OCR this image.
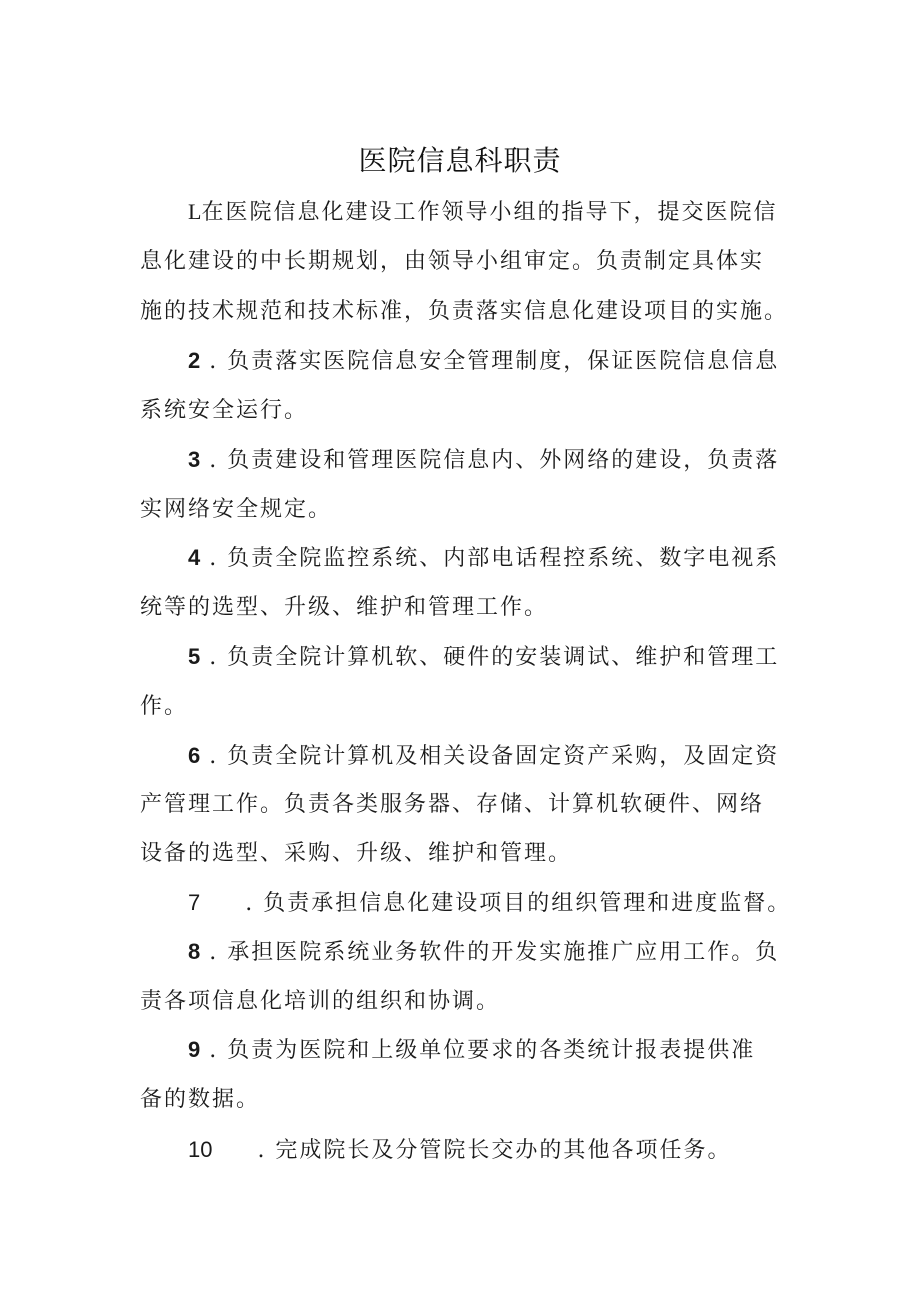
医院信息科职责
L在医院信息化建设工作领导小组的指导下，提交医院信
息化建设的中长期规划，由领导小组审定。负责制定具体实
施的技术规范和技术标准，负责落实信息化建设项目的实施。
2 . 负责落实医院信息安全管理制度，保证医院信息信息
系统安全运行。
3 . 负责建设和管理医院信息内、外网络的建设，负责落
实网络安全规定。
4 . 负责全院监控系统、内部电话程控系统、数字电视系
统等的选型、升级、维护和管理工作。
5 . 负责全院计算机软、硬件的安装调试、维护和管理工
作。
6 . 负责全院计算机及相关设备固定资产采购，及固定资
产管理工作。负责各类服务器、存储、计算机软硬件、网络
设备的选型、采购、升级、维护和管理。
7     . 负责承担信息化建设项目的组织管理和进度监督。
8 . 承担医院系统业务软件的开发实施推广应用工作。负
责各项信息化培训的组织和协调。
9 . 负责为医院和上级单位要求的各类统计报表提供准
备的数据。
10     . 完成院长及分管院长交办的其他各项任务。
